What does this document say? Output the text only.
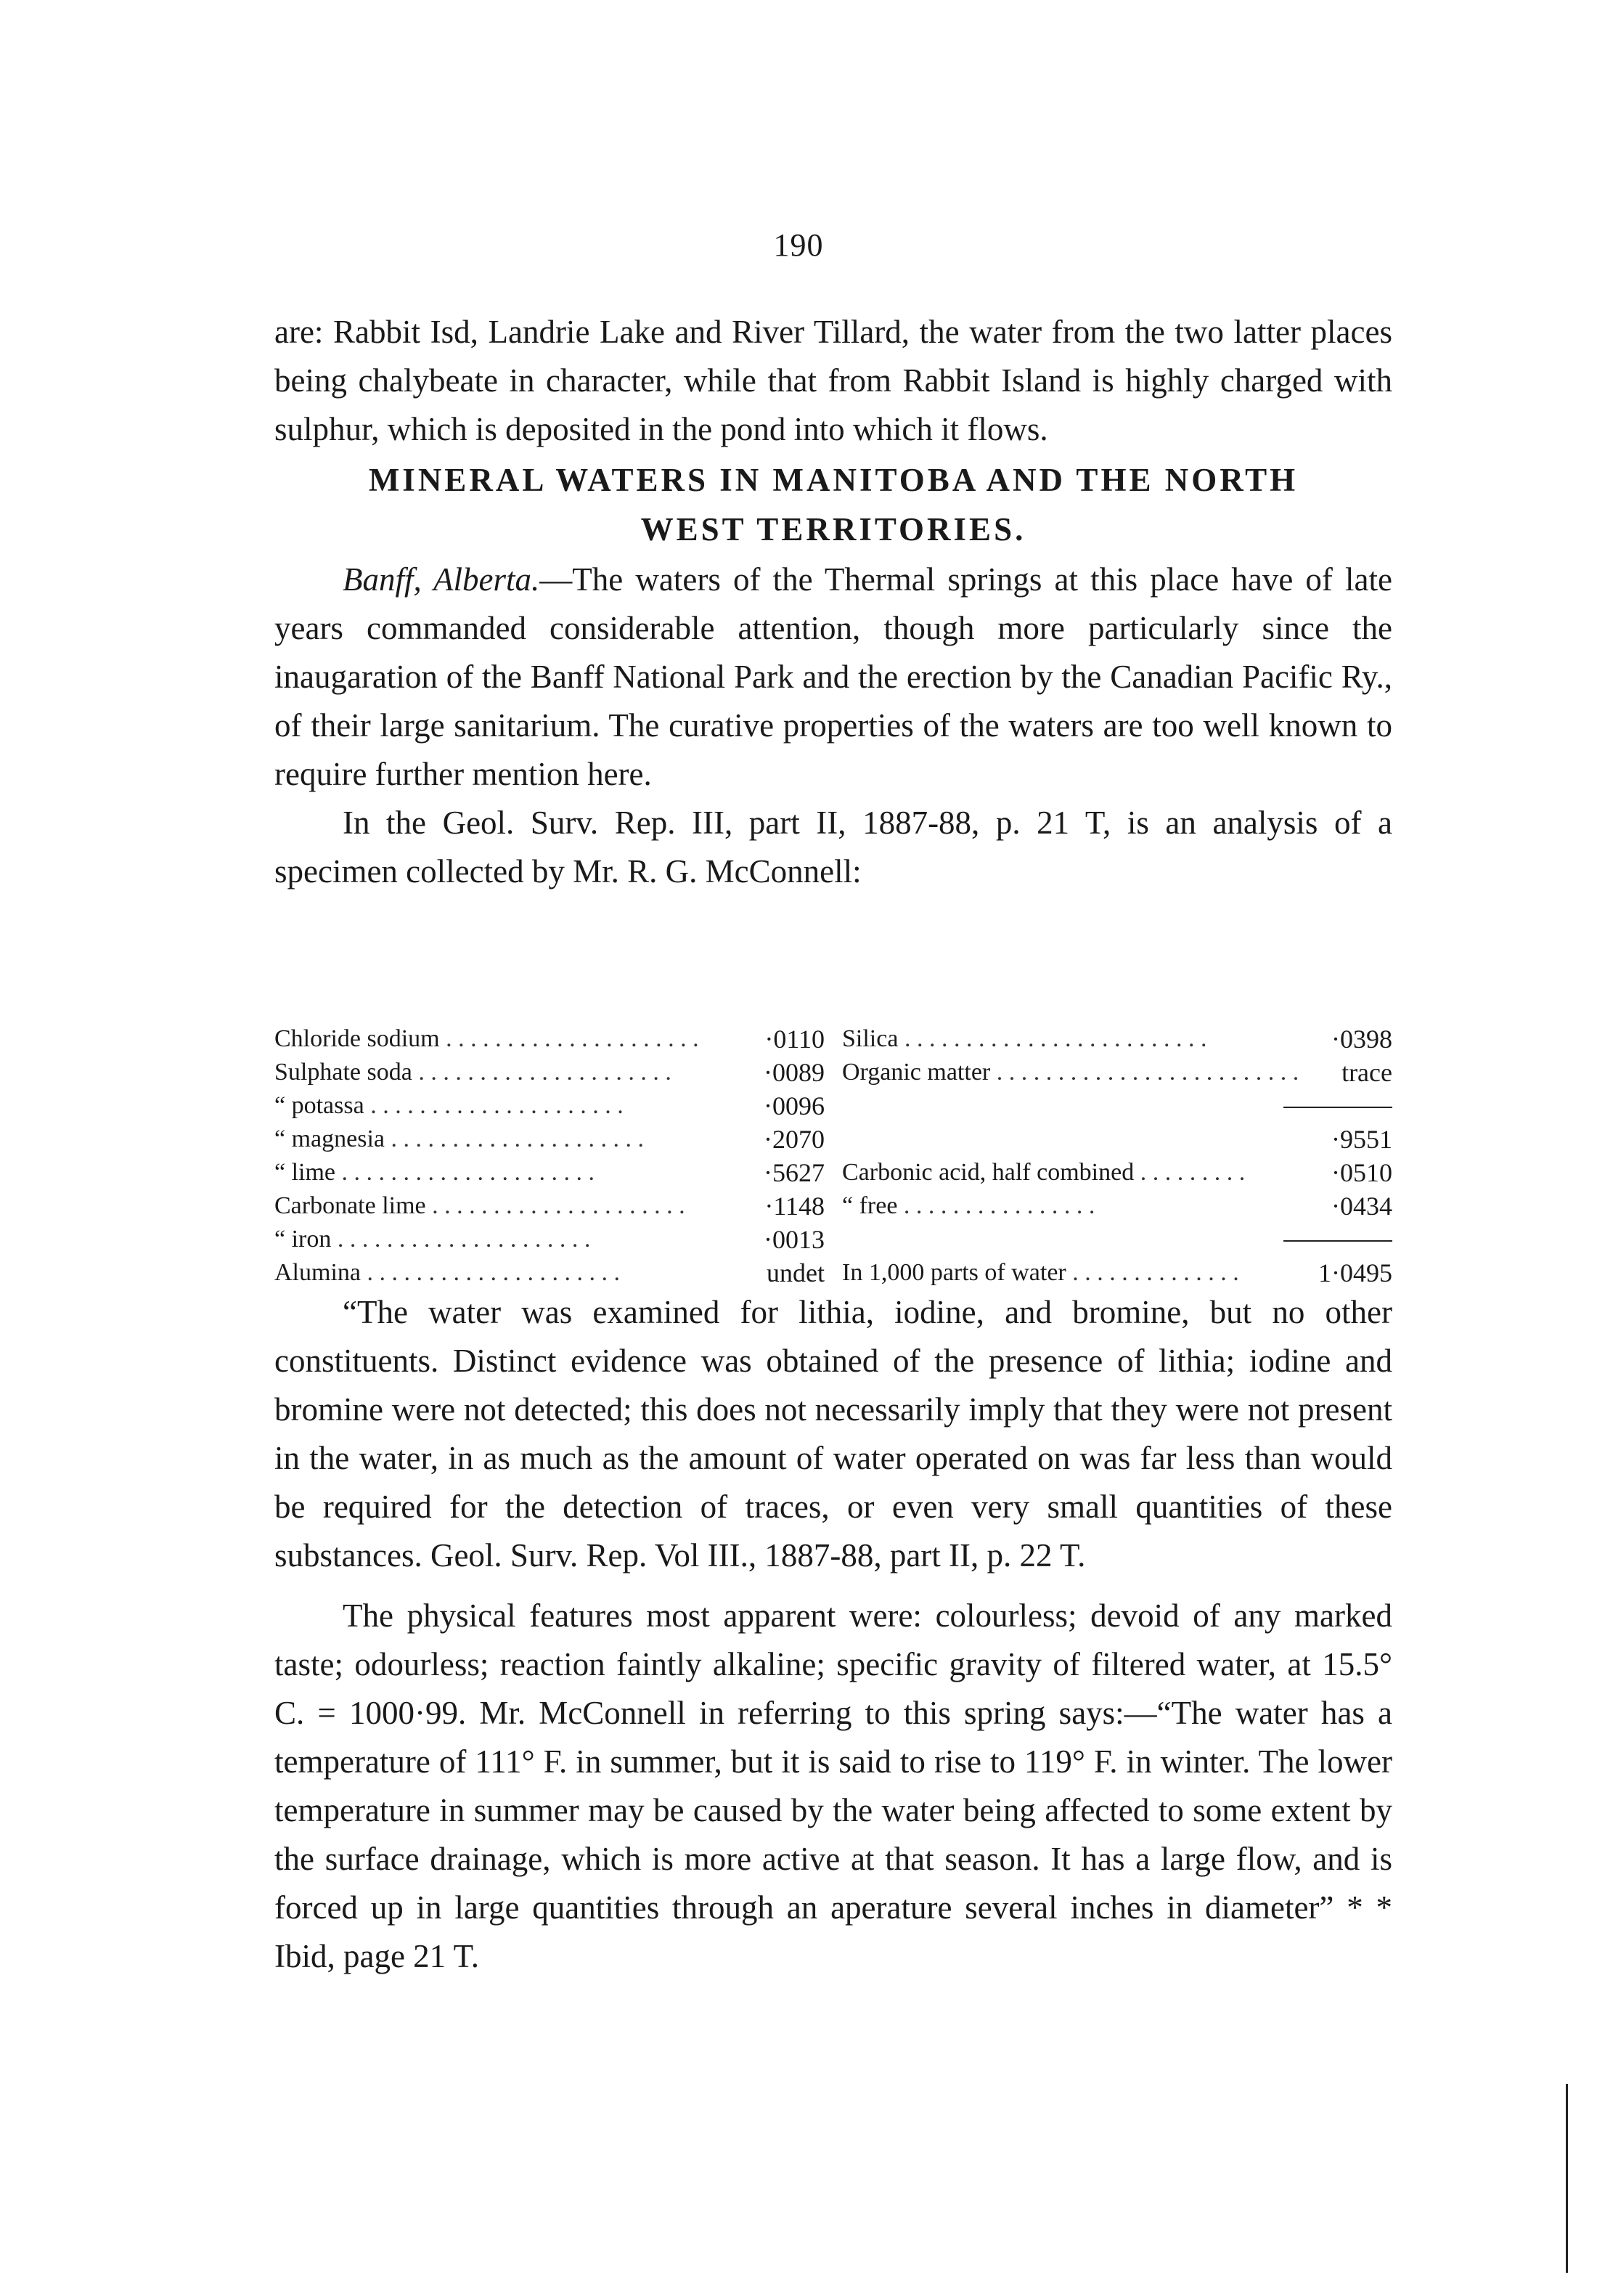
190

are: Rabbit Isd, Landrie Lake and River Tillard, the water from the two latter places being chalybeate in character, while that from Rabbit Island is highly charged with sulphur, which is deposited in the pond into which it flows.

MINERAL WATERS IN MANITOBA AND THE NORTH
WEST TERRITORIES.

Banff, Alberta.—The waters of the Thermal springs at this place have of late years commanded considerable attention, though more particularly since the inaugaration of the Banff National Park and the erection by the Canadian Pacific Ry., of their large sanitarium. The curative properties of the waters are too well known to require further mention here.

In the Geol. Surv. Rep. III, part II, 1887-88, p. 21 T, is an analysis of a specimen collected by Mr. R. G. McConnell:

Chloride sodium . . . . . . . . . . . . . . . . . . . . .	·0110
Sulphate soda . . . . . . . . . . . . . . . . . . . . .	·0089
“ potassa . . . . . . . . . . . . . . . . . . . . .	·0096
“ magnesia . . . . . . . . . . . . . . . . . . . . .	·2070
“ lime . . . . . . . . . . . . . . . . . . . . .	·5627
Carbonate lime . . . . . . . . . . . . . . . . . . . . .	·1148
“ iron . . . . . . . . . . . . . . . . . . . . .	·0013
Alumina . . . . . . . . . . . . . . . . . . . . .	undet
Silica . . . . . . . . . . . . . . . . . . . . . . . . .	·0398
Organic matter . . . . . . . . . . . . . . . . . . . . . . . . . trace
·9551
Carbonic acid, half combined . . . . . . . . .	·0510
“ free . . . . . . . . . . . . . . . .	·0434
In 1,000 parts of water . . . . . . . . . . . . . .	1·0495

“The water was examined for lithia, iodine, and bromine, but no other constituents. Distinct evidence was obtained of the presence of lithia; iodine and bromine were not detected; this does not necessarily imply that they were not present in the water, in as much as the amount of water operated on was far less than would be required for the detection of traces, or even very small quantities of these substances. Geol. Surv. Rep. Vol III., 1887-88, part II, p. 22 T.

The physical features most apparent were: colourless; devoid of any marked taste; odourless; reaction faintly alkaline; specific gravity of filtered water, at 15.5° C. = 1000·99. Mr. McConnell in referring to this spring says:—“The water has a temperature of 111° F. in summer, but it is said to rise to 119° F. in winter. The lower temperature in summer may be caused by the water being affected to some extent by the surface drainage, which is more active at that season. It has a large flow, and is forced up in large quantities through an aperature several inches in diameter” * * Ibid, page 21 T.
